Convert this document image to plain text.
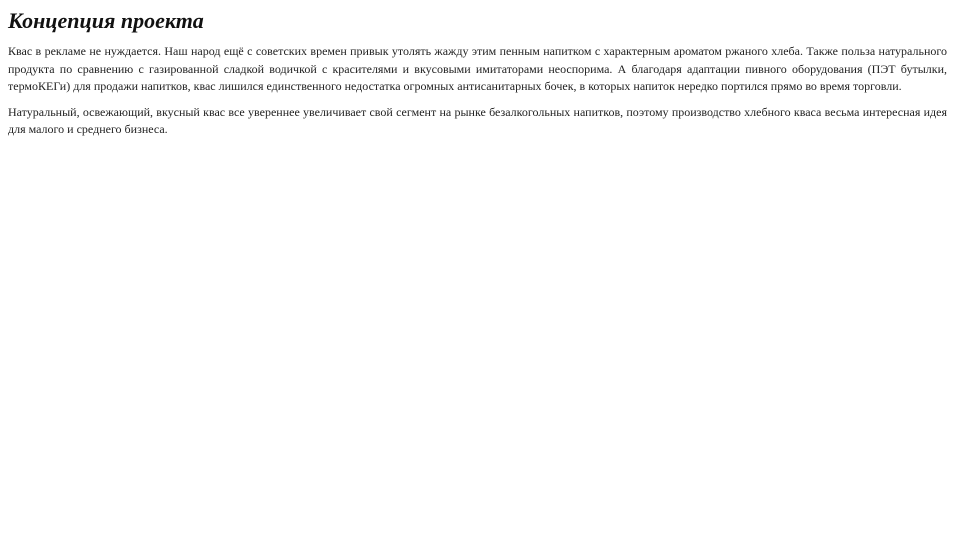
Концепция проекта

Квас в рекламе не нуждается. Наш народ ещё с советских времен привык утолять жажду этим пенным напитком с характерным ароматом ржаного хлеба. Также польза натурального продукта по сравнению с газированной сладкой водичкой с красителями и вкусовыми имитаторами неоспорима. А благодаря адаптации пивного оборудования (ПЭТ бутылки, термоКЕГи) для продажи напитков, квас лишился единственного недостатка огромных антисанитарных бочек, в которых напиток нередко портился прямо во время торговли.

Натуральный, освежающий, вкусный квас все увереннее увеличивает свой сегмент на рынке безалкогольных напитков, поэтому производство хлебного кваса весьма интересная идея для малого и среднего бизнеса.
